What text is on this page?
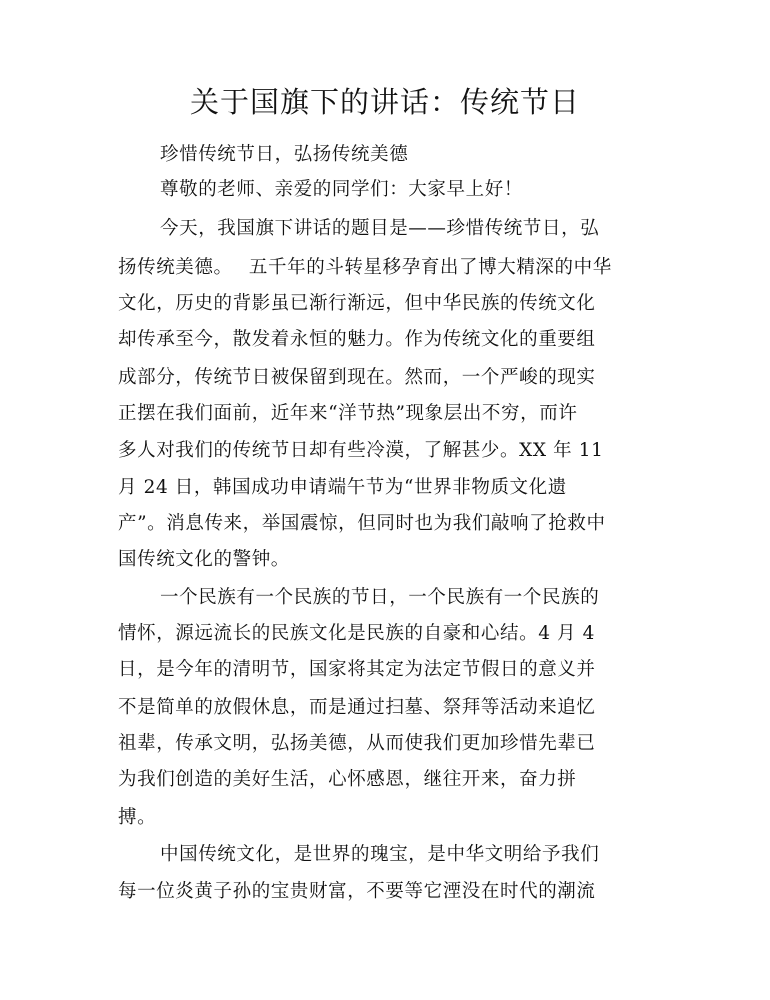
关于国旗下的讲话：传统节日
珍惜传统节日，弘扬传统美德
尊敬的老师、亲爱的同学们：大家早上好！
今天，我国旗下讲话的题目是——珍惜传统节日，弘
扬传统美德。　 五千年的斗转星移孕育出了博大精深的中华
文化，历史的背影虽已渐行渐远，但中华民族的传统文化
却传承至今，散发着永恒的魅力。作为传统文化的重要组
成部分，传统节日被保留到现在。然而，一个严峻的现实
正摆在我们面前，近年来“洋节热”现象层出不穷，而许
多人对我们的传统节日却有些冷漠，了解甚少。XX 年 11
月 24 日，韩国成功申请端午节为“世界非物质文化遗
产”。消息传来，举国震惊，但同时也为我们敲响了抢救中
国传统文化的警钟。
一个民族有一个民族的节日，一个民族有一个民族的
情怀，源远流长的民族文化是民族的自豪和心结。4 月 4
日，是今年的清明节，国家将其定为法定节假日的意义并
不是简单的放假休息，而是通过扫墓、祭拜等活动来追忆
祖辈，传承文明，弘扬美德，从而使我们更加珍惜先辈已
为我们创造的美好生活，心怀感恩，继往开来，奋力拼
搏。
中国传统文化，是世界的瑰宝，是中华文明给予我们
每一位炎黄子孙的宝贵财富，不要等它湮没在时代的潮流
